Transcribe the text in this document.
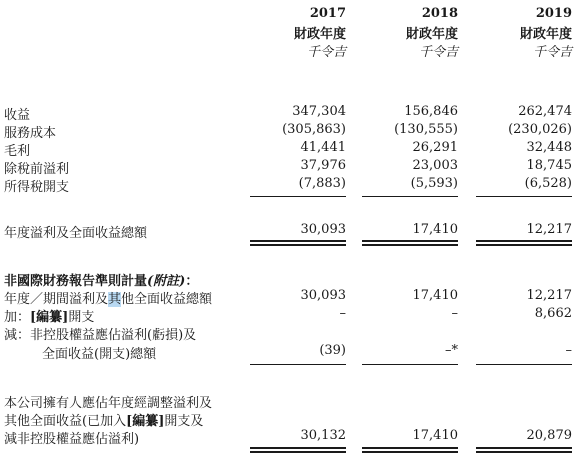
2017	2018	2019
財政年度	財政年度	財政年度
千令吉	千令吉	千令吉
收益	347,304	156,846	262,474
服務成本	(305,863)	(130,555)	(230,026)
毛利	41,441	26,291	32,448
除稅前溢利	37,976	23,003	18,745
所得稅開支	(7,883)	(5,593)	(6,528)
年度溢利及全面收益總額	30,093	17,410	12,217
非國際財務報告準則計量(附註)：
年度／期間溢利及其他全面收益總額	30,093	17,410	12,217
加：[編纂]開支	–	–	8,662
減：非控股權益應佔溢利(虧損)及
全面收益(開支)總額	(39)	–*	–
本公司擁有人應佔年度經調整溢利及
其他全面收益(已加入[編纂]開支及
減非控股權益應佔溢利)	30,132	17,410	20,879
